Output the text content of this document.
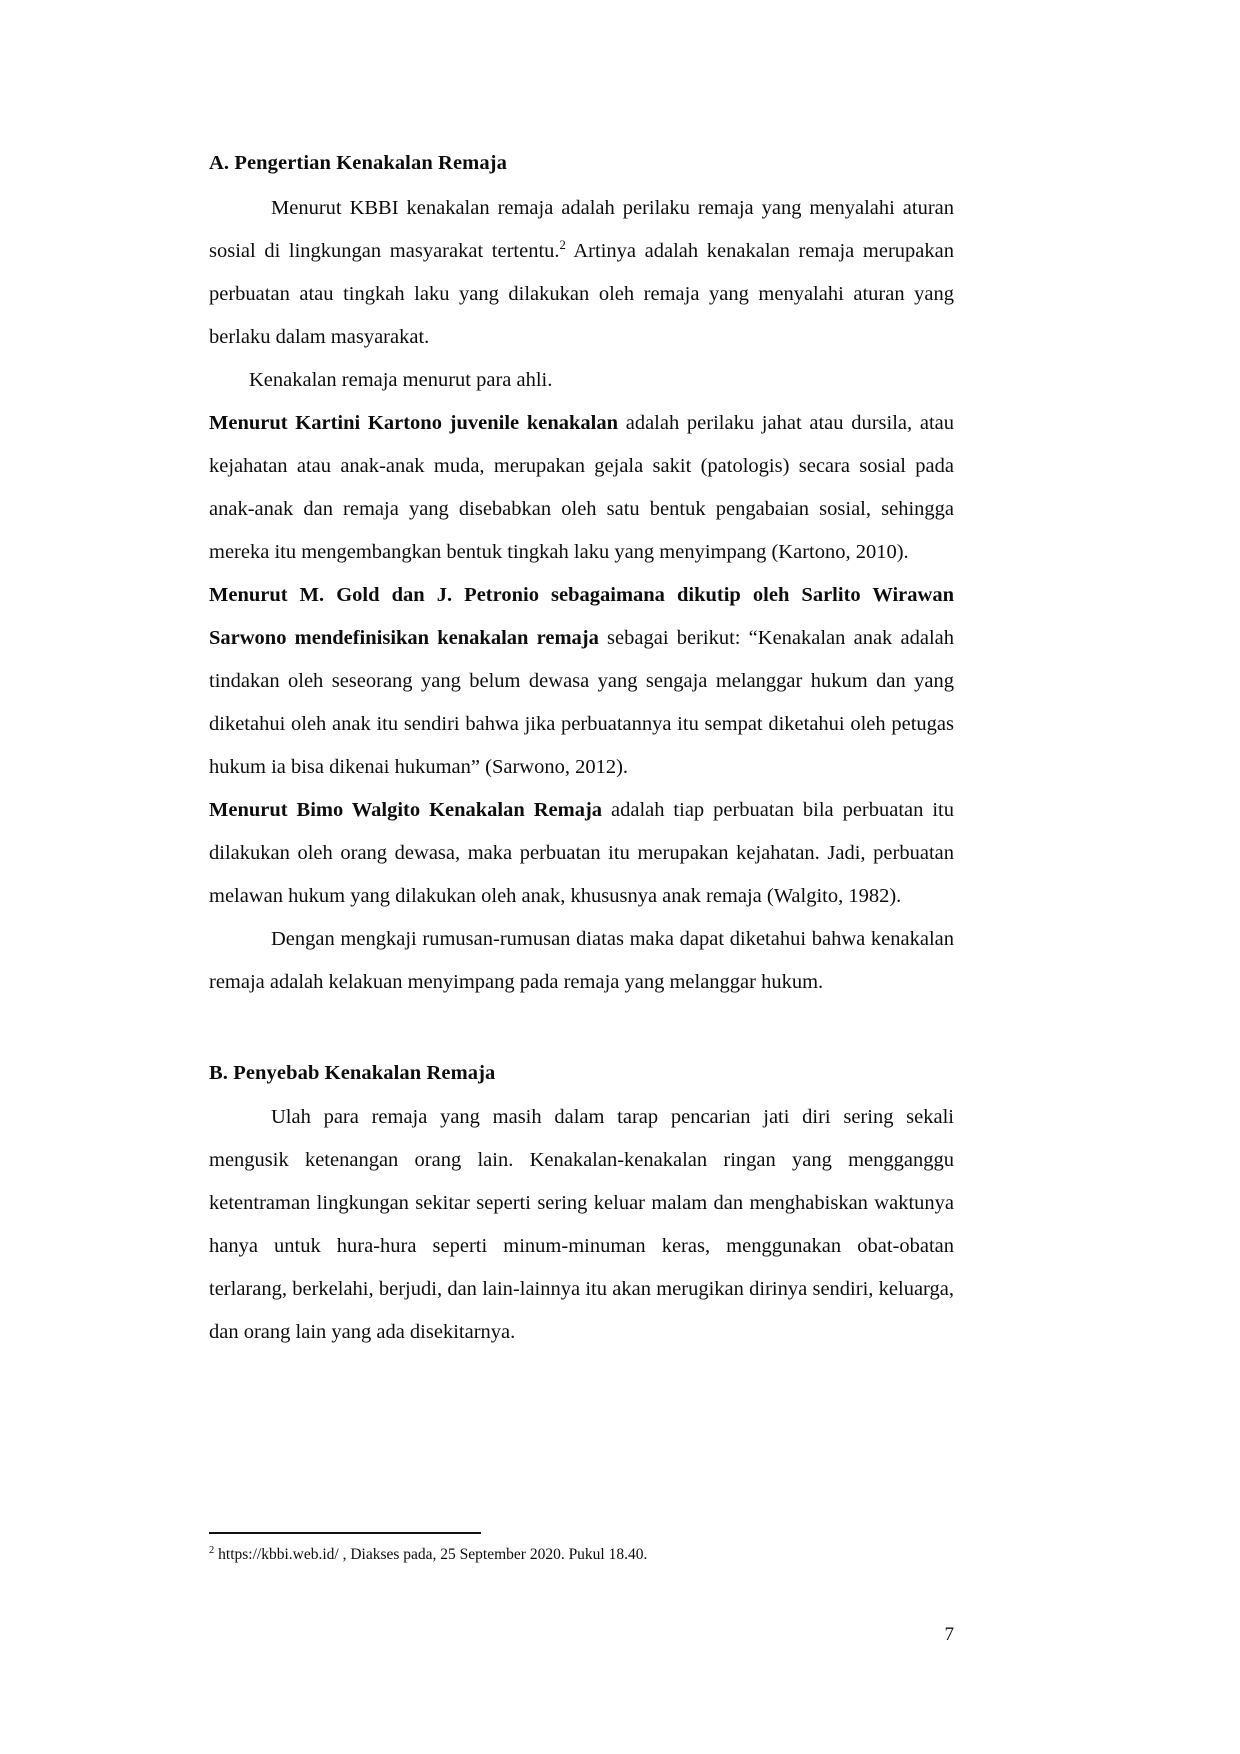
A. Pengertian Kenakalan Remaja

Menurut KBBI kenakalan remaja adalah perilaku remaja yang menyalahi aturan sosial di lingkungan masyarakat tertentu.$^2$ Artinya adalah kenakalan remaja merupakan perbuatan atau tingkah laku yang dilakukan oleh remaja yang menyalahi aturan yang berlaku dalam masyarakat.

Kenakalan remaja menurut para ahli.

Menurut Kartini Kartono juvenile kenakalan adalah perilaku jahat atau dursila, atau kejahatan atau anak-anak muda, merupakan gejala sakit (patologis) secara sosial pada anak-anak dan remaja yang disebabkan oleh satu bentuk pengabaian sosial, sehingga mereka itu mengembangkan bentuk tingkah laku yang menyimpang (Kartono, 2010).

Menurut M. Gold dan J. Petronio sebagaimana dikutip oleh Sarlito Wirawan Sarwono mendefinisikan kenakalan remaja sebagai berikut: “Kenakalan anak adalah tindakan oleh seseorang yang belum dewasa yang sengaja melanggar hukum dan yang diketahui oleh anak itu sendiri bahwa jika perbuatannya itu sempat diketahui oleh petugas hukum ia bisa dikenai hukuman” (Sarwono, 2012).

Menurut Bimo Walgito Kenakalan Remaja adalah tiap perbuatan bila perbuatan itu dilakukan oleh orang dewasa, maka perbuatan itu merupakan kejahatan. Jadi, perbuatan melawan hukum yang dilakukan oleh anak, khususnya anak remaja (Walgito, 1982).

Dengan mengkaji rumusan-rumusan diatas maka dapat diketahui bahwa kenakalan remaja adalah kelakuan menyimpang pada remaja yang melanggar hukum.

B. Penyebab Kenakalan Remaja

Ulah para remaja yang masih dalam tarap pencarian jati diri sering sekali mengusik ketenangan orang lain. Kenakalan-kenakalan ringan yang mengganggu ketentraman lingkungan sekitar seperti sering keluar malam dan menghabiskan waktunya hanya untuk hura-hura seperti minum-minuman keras, menggunakan obat-obatan terlarang, berkelahi, berjudi, dan lain-lainnya itu akan merugikan dirinya sendiri, keluarga, dan orang lain yang ada disekitarnya.

$^2$ https://kbbi.web.id/ , Diakses pada, 25 September 2020. Pukul 18.40.

7
